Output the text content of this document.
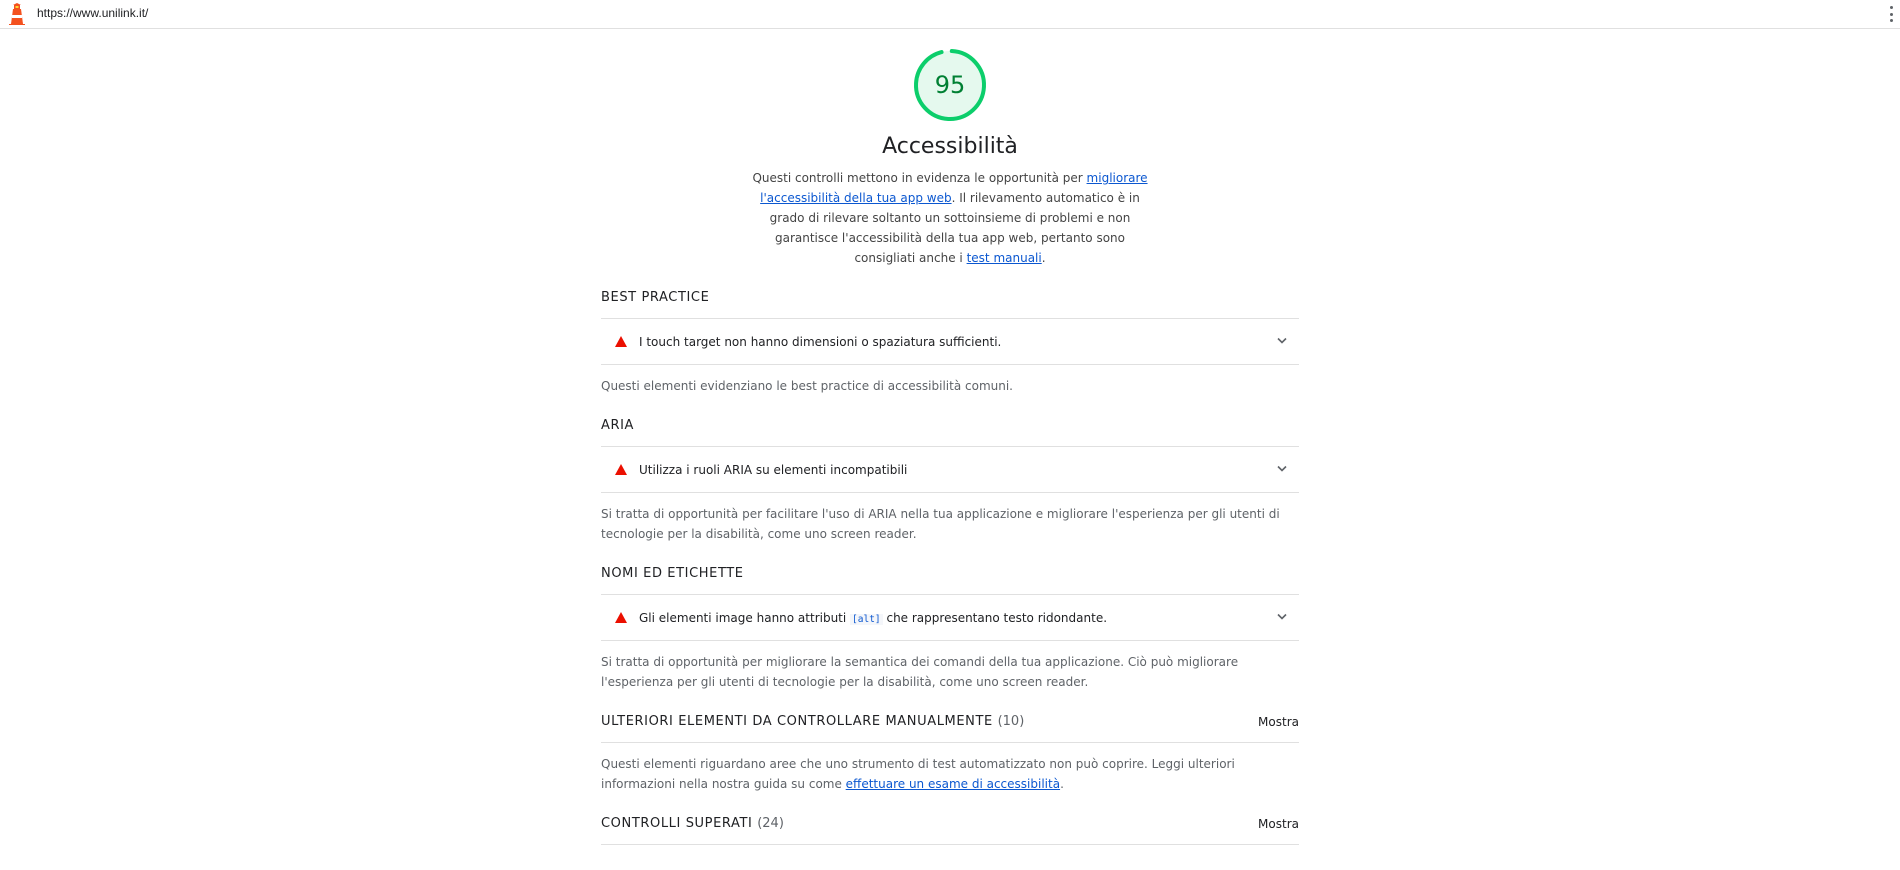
https://www.unilink.it/
95
Accessibilità
Questi controlli mettono in evidenza le opportunità per migliorare l'accessibilità della tua app web. Il rilevamento automatico è in grado di rilevare soltanto un sottoinsieme di problemi e non garantisce l'accessibilità della tua app web, pertanto sono consigliati anche i test manuali.
BEST PRACTICE
I touch target non hanno dimensioni o spaziatura sufficienti.
Questi elementi evidenziano le best practice di accessibilità comuni.
ARIA
Utilizza i ruoli ARIA su elementi incompatibili
Si tratta di opportunità per facilitare l'uso di ARIA nella tua applicazione e migliorare l'esperienza per gli utenti di tecnologie per la disabilità, come uno screen reader.
NOMI ED ETICHETTE
Gli elementi image hanno attributi [alt] che rappresentano testo ridondante.
Si tratta di opportunità per migliorare la semantica dei comandi della tua applicazione. Ciò può migliorare l'esperienza per gli utenti di tecnologie per la disabilità, come uno screen reader.
ULTERIORI ELEMENTI DA CONTROLLARE MANUALMENTE (10)	Mostra
Questi elementi riguardano aree che uno strumento di test automatizzato non può coprire. Leggi ulteriori informazioni nella nostra guida su come effettuare un esame di accessibilità.
CONTROLLI SUPERATI (24)	Mostra
